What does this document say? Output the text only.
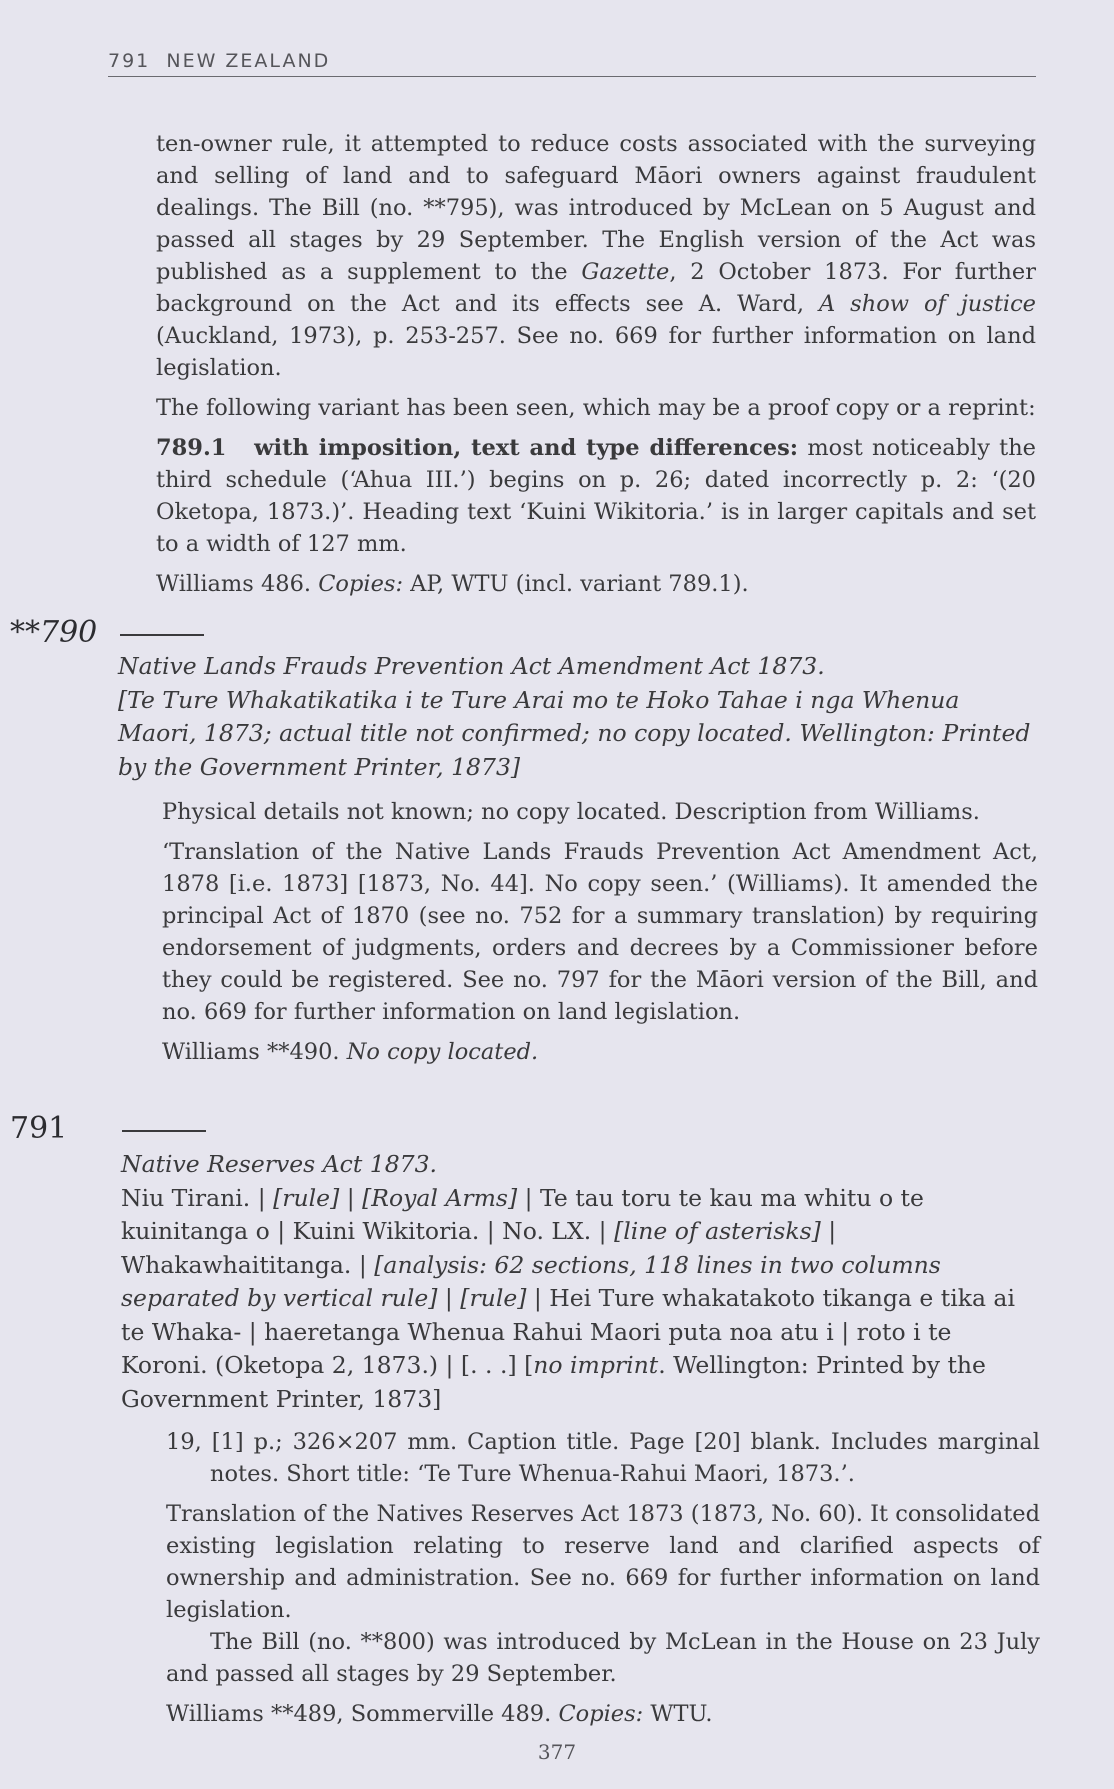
791 NEW ZEALAND

ten-owner rule, it attempted to reduce costs associated with the surveying and selling of land and to safeguard Māori owners against fraudulent dealings. The Bill (no. **795), was introduced by McLean on 5 August and passed all stages by 29 September. The English version of the Act was published as a supplement to the Gazette, 2 October 1873. For further background on the Act and its effects see A. Ward, A show of justice (Auckland, 1973), p. 253-257. See no. 669 for further information on land legislation.

The following variant has been seen, which may be a proof copy or a reprint:

789.1 with imposition, text and type differences: most noticeably the third schedule (‘Ahua III.’) begins on p. 26; dated incorrectly p. 2: ‘(20 Oketopa, 1873.)’. Heading text ‘Kuini Wikitoria.’ is in larger capitals and set to a width of 127 mm.

Williams 486. Copies: AP, WTU (incl. variant 789.1).

**790
Native Lands Frauds Prevention Act Amendment Act 1873.
[Te Ture Whakatikatika i te Ture Arai mo te Hoko Tahae i nga Whenua Maori, 1873; actual title not confirmed; no copy located. Wellington: Printed by the Government Printer, 1873]

Physical details not known; no copy located. Description from Williams.

‘Translation of the Native Lands Frauds Prevention Act Amendment Act, 1878 [i.e. 1873] [1873, No. 44]. No copy seen.’ (Williams). It amended the principal Act of 1870 (see no. 752 for a summary translation) by requiring endorsement of judgments, orders and decrees by a Commissioner before they could be registered. See no. 797 for the Māori version of the Bill, and no. 669 for further information on land legislation.

Williams **490. No copy located.

791
Native Reserves Act 1873.
Niu Tirani. | [rule] | [Royal Arms] | Te tau toru te kau ma whitu o te kuinitanga o | Kuini Wikitoria. | No. LX. | [line of asterisks] | Whakawhaititanga. | [analysis: 62 sections, 118 lines in two columns separated by vertical rule] | [rule] | Hei Ture whakatakoto tikanga e tika ai te Whaka- | haeretanga Whenua Rahui Maori puta noa atu i | roto i te Koroni. (Oketopa 2, 1873.) | [. . .] [no imprint. Wellington: Printed by the Government Printer, 1873]

19, [1] p.; 326×207 mm. Caption title. Page [20] blank. Includes marginal notes. Short title: ‘Te Ture Whenua-Rahui Maori, 1873.’.

Translation of the Natives Reserves Act 1873 (1873, No. 60). It consolidated existing legislation relating to reserve land and clarified aspects of ownership and administration. See no. 669 for further information on land legislation.

The Bill (no. **800) was introduced by McLean in the House on 23 July and passed all stages by 29 September.

Williams **489, Sommerville 489. Copies: WTU.

377
